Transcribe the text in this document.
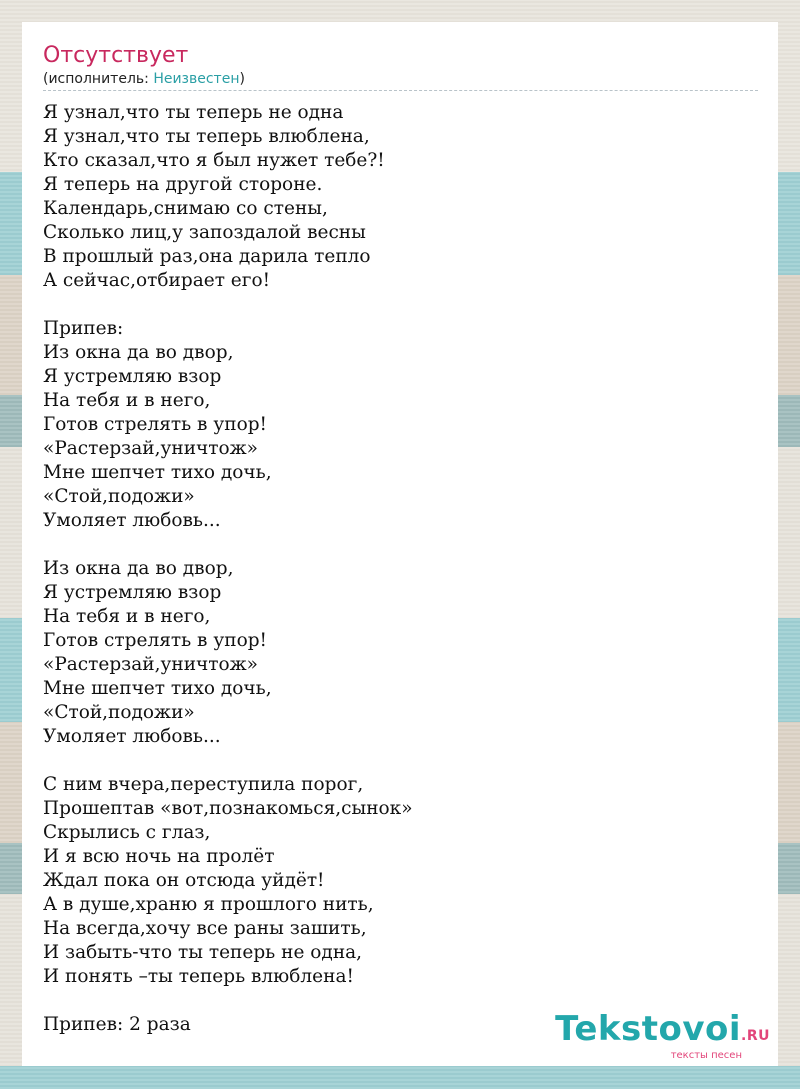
Отсутствует
(исполнитель: Неизвестен)
Я узнал,что ты теперь не одна
Я узнал,что ты теперь влюблена,
Кто сказал,что я был нужет тебе?!
Я теперь на другой стороне.
Календарь,снимаю со стены,
Сколько лиц,у запоздалой весны
В прошлый раз,она дарила тепло
А сейчас,отбирает его!

Припев:
Из окна да во двор,
Я устремляю взор
На тебя и в него,
Готов стрелять в упор!
«Растерзай,уничтож»
Мне шепчет тихо дочь,
«Стой,подожи»
Умоляет любовь...

Из окна да во двор,
Я устремляю взор
На тебя и в него,
Готов стрелять в упор!
«Растерзай,уничтож»
Мне шепчет тихо дочь,
«Стой,подожи»
Умоляет любовь...

С ним вчера,переступила порог,
Прошептав «вот,познакомься,сынок»
Скрылись с глаз,
И я всю ночь на пролёт
Ждал пока он отсюда уйдёт!
А в душе,храню я прошлого нить,
На всегда,хочу все раны зашить,
И забыть-что ты теперь не одна,
И понять –ты теперь влюблена!

Припев: 2 раза	Tekstovoi.RU
тексты песен
